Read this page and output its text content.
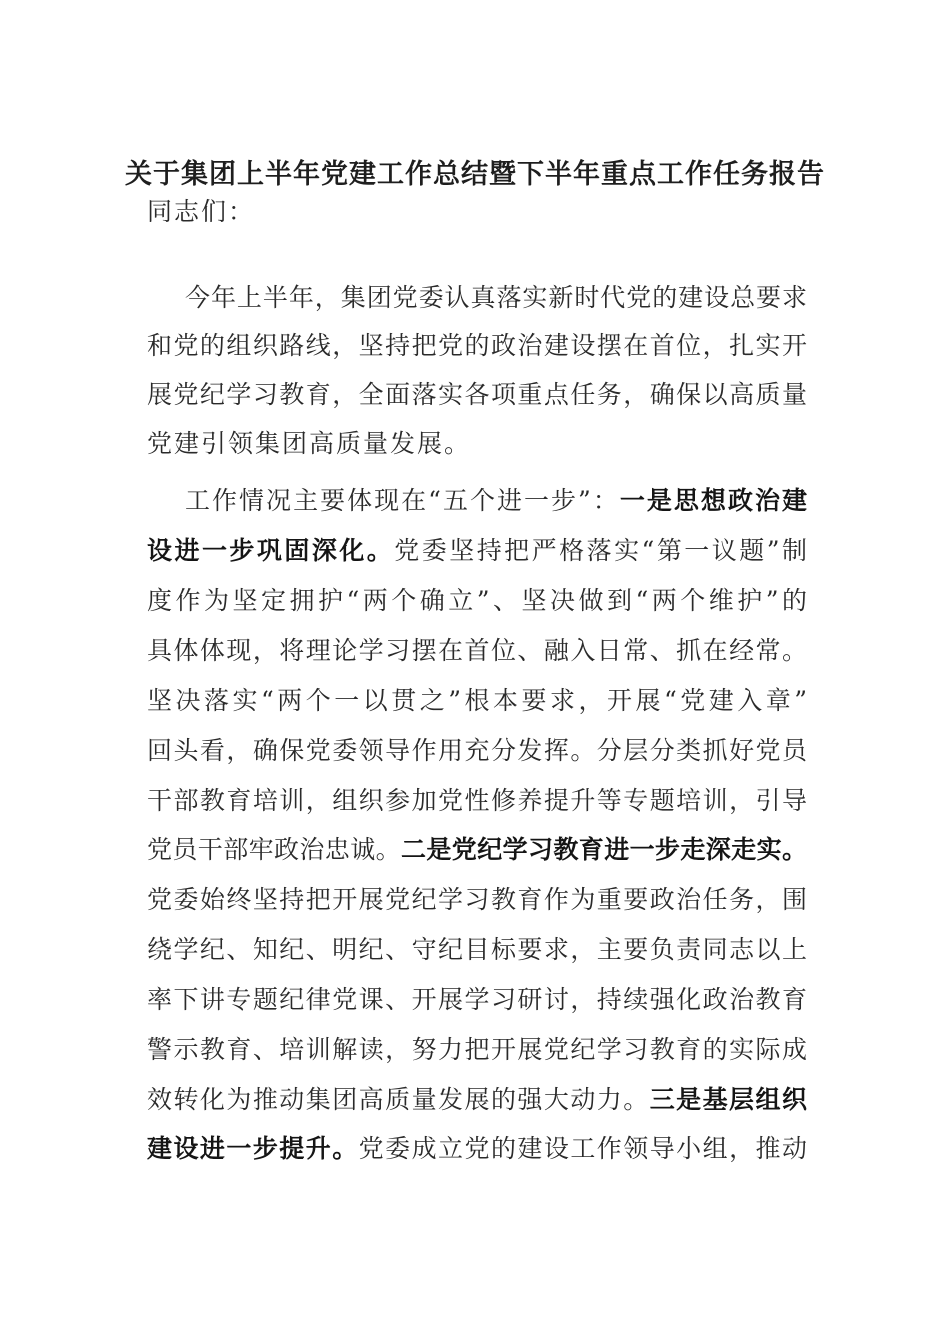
关于集团上半年党建工作总结暨下半年重点工作任务报告
同志们：
今年上半年，集团党委认真落实新时代党的建设总要求
和党的组织路线，坚持把党的政治建设摆在首位，扎实开
展党纪学习教育，全面落实各项重点任务，确保以高质量
党建引领集团高质量发展。
工作情况主要体现在“五个进一步”：一是思想政治建
设进一步巩固深化。党委坚持把严格落实“第一议题”制
度作为坚定拥护“两个确立”、坚决做到“两个维护”的
具体体现，将理论学习摆在首位、融入日常、抓在经常。
坚决落实“两个一以贯之”根本要求，开展“党建入章”
回头看，确保党委领导作用充分发挥。分层分类抓好党员
干部教育培训，组织参加党性修养提升等专题培训，引导
党员干部牢政治忠诚。二是党纪学习教育进一步走深走实。
党委始终坚持把开展党纪学习教育作为重要政治任务，围
绕学纪、知纪、明纪、守纪目标要求，主要负责同志以上
率下讲专题纪律党课、开展学习研讨，持续强化政治教育
警示教育、培训解读，努力把开展党纪学习教育的实际成
效转化为推动集团高质量发展的强大动力。三是基层组织
建设进一步提升。党委成立党的建设工作领导小组，推动
